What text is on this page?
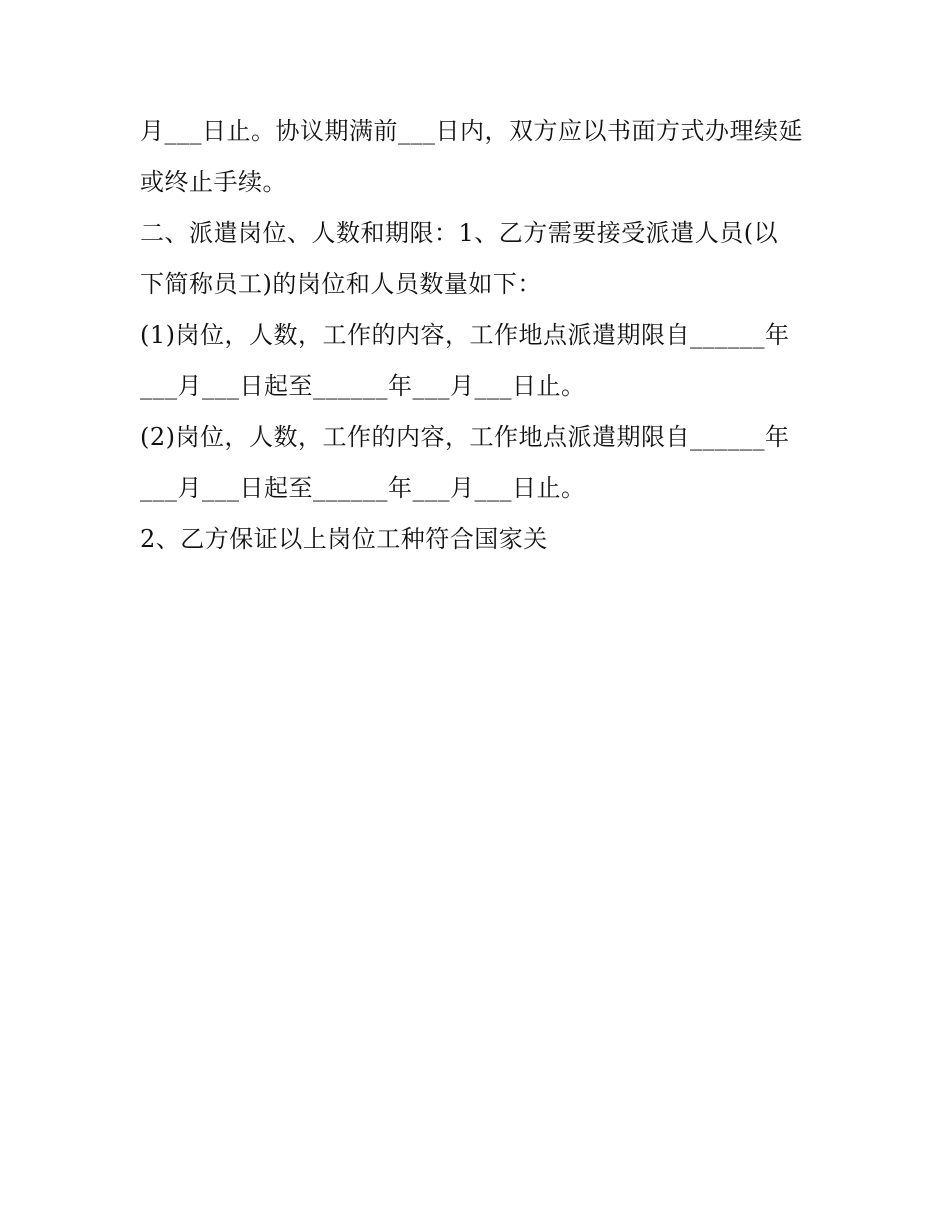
月___日止。协议期满前___日内，双方应以书面方式办理续延
或终止手续。
二、派遣岗位、人数和期限：1、乙方需要接受派遣人员(以
下简称员工)的岗位和人员数量如下：
(1)岗位，人数，工作的内容，工作地点派遣期限自______年
___月___日起至______年___月___日止。
(2)岗位，人数，工作的内容，工作地点派遣期限自______年
___月___日起至______年___月___日止。
2、乙方保证以上岗位工种符合国家关
